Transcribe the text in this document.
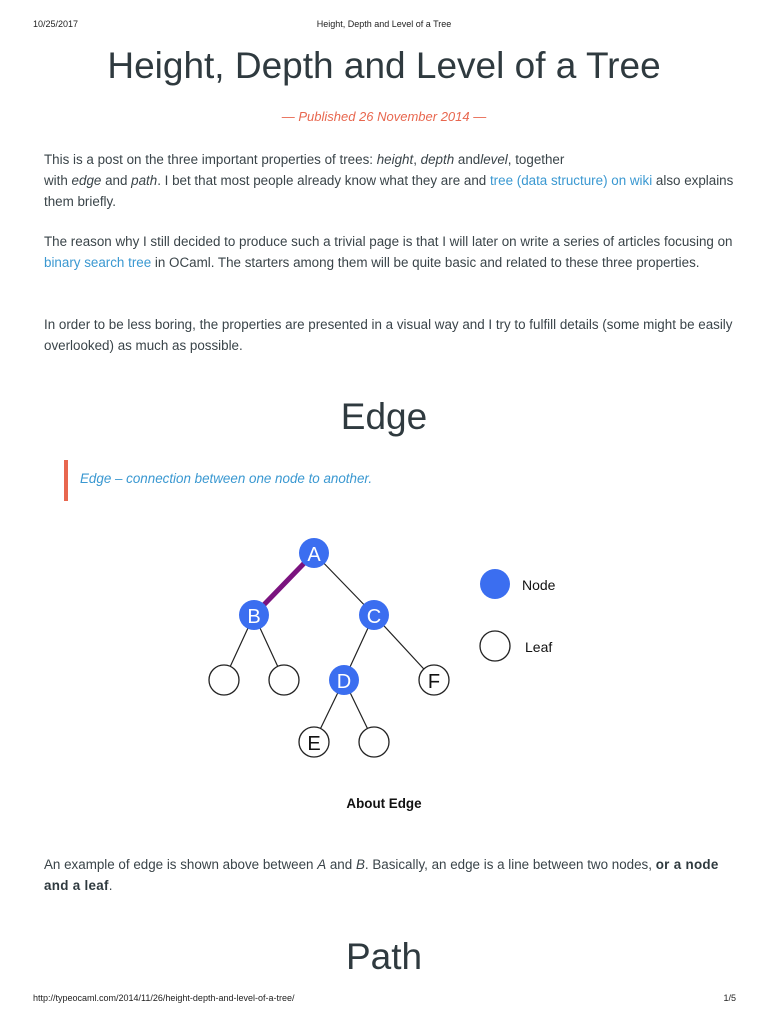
10/25/2017	Height, Depth and Level of a Tree
Height, Depth and Level of a Tree
— Published 26 November 2014 —

This is a post on the three important properties of trees: height, depth andlevel, together
with edge and path. I bet that most people already know what they are and tree (data structure) on wiki also explains them briefly.

The reason why I still decided to produce such a trivial page is that I will later on write a series of articles focusing on binary search tree in OCaml. The starters among them will be quite basic and related to these three properties.

In order to be less boring, the properties are presented in a visual way and I try to fulfill details (some might be easily overlooked) as much as possible.

Edge
Edge – connection between one node to another.
A
B	C
D	F
E
Node
Leaf
About Edge

An example of edge is shown above between A and B. Basically, an edge is a line between two nodes, or a node and a leaf.

Path
http://typeocaml.com/2014/11/26/height-depth-and-level-of-a-tree/	1/5
